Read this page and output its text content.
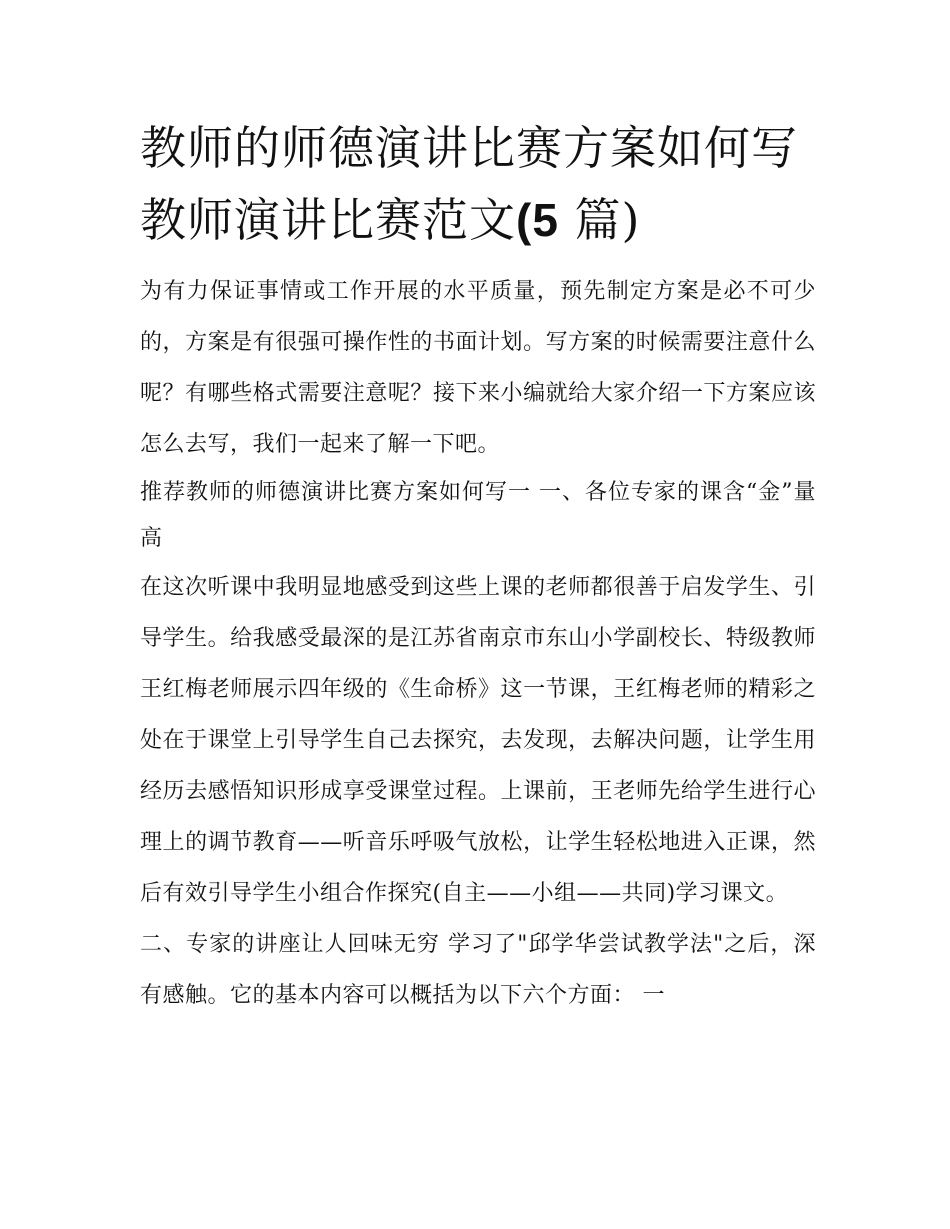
教师的师德演讲比赛方案如何写 教师演讲比赛范文(5 篇)

为有力保证事情或工作开展的水平质量，预先制定方案是必不可少的，方案是有很强可操作性的书面计划。写方案的时候需要注意什么呢？有哪些格式需要注意呢？接下来小编就给大家介绍一下方案应该怎么去写，我们一起来了解一下吧。

推荐教师的师德演讲比赛方案如何写一 一、各位专家的课含“金”量高

在这次听课中我明显地感受到这些上课的老师都很善于启发学生、引导学生。给我感受最深的是江苏省南京市东山小学副校长、特级教师王红梅老师展示四年级的《生命桥》这一节课，王红梅老师的精彩之处在于课堂上引导学生自己去探究，去发现，去解决问题，让学生用经历去感悟知识形成享受课堂过程。上课前，王老师先给学生进行心理上的调节教育——听音乐呼吸气放松，让学生轻松地进入正课，然后有效引导学生小组合作探究(自主——小组——共同)学习课文。

二、专家的讲座让人回味无穷 学习了"邱学华尝试教学法"之后，深有感触。它的基本内容可以概括为以下六个方面： 一
